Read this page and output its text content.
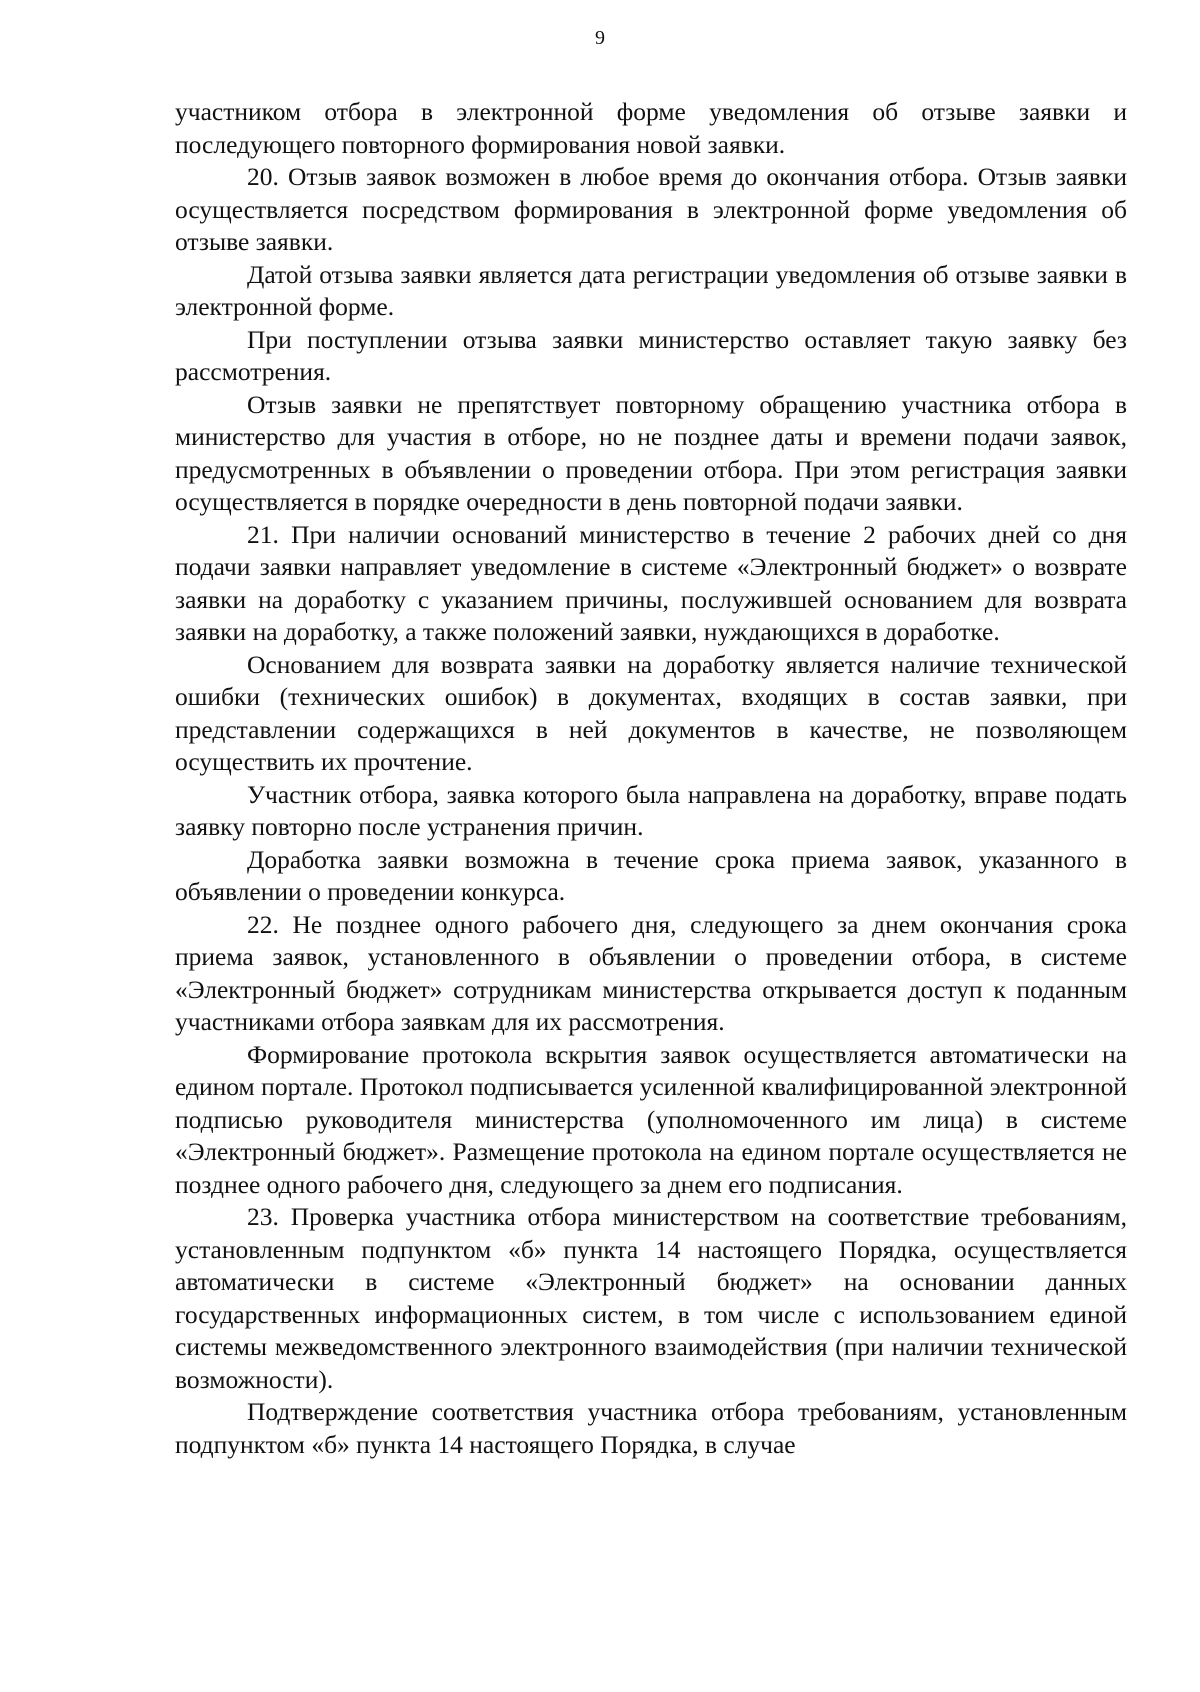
9

участником отбора в электронной форме уведомления об отзыве заявки и последующего повторного формирования новой заявки.

20. Отзыв заявок возможен в любое время до окончания отбора. Отзыв заявки осуществляется посредством формирования в электронной форме уведомления об отзыве заявки.

Датой отзыва заявки является дата регистрации уведомления об отзыве заявки в электронной форме.

При поступлении отзыва заявки министерство оставляет такую заявку без рассмотрения.

Отзыв заявки не препятствует повторному обращению участника отбора в министерство для участия в отборе, но не позднее даты и времени подачи заявок, предусмотренных в объявлении о проведении отбора. При этом регистрация заявки осуществляется в порядке очередности в день повторной подачи заявки.

21. При наличии оснований министерство в течение 2 рабочих дней со дня подачи заявки направляет уведомление в системе «Электронный бюджет» о возврате заявки на доработку с указанием причины, послужившей основанием для возврата заявки на доработку, а также положений заявки, нуждающихся в доработке.

Основанием для возврата заявки на доработку является наличие технической ошибки (технических ошибок) в документах, входящих в состав заявки, при представлении содержащихся в ней документов в качестве, не позволяющем осуществить их прочтение.

Участник отбора, заявка которого была направлена на доработку, вправе подать заявку повторно после устранения причин.

Доработка заявки возможна в течение срока приема заявок, указанного в объявлении о проведении конкурса.

22. Не позднее одного рабочего дня, следующего за днем окончания срока приема заявок, установленного в объявлении о проведении отбора, в системе «Электронный бюджет» сотрудникам министерства открывается доступ к поданным участниками отбора заявкам для их рассмотрения.

Формирование протокола вскрытия заявок осуществляется автоматически на едином портале. Протокол подписывается усиленной квалифицированной электронной подписью руководителя министерства (уполномоченного им лица) в системе «Электронный бюджет». Размещение протокола на едином портале осуществляется не позднее одного рабочего дня, следующего за днем его подписания.

23. Проверка участника отбора министерством на соответствие требованиям, установленным подпунктом «б» пункта 14 настоящего Порядка, осуществляется автоматически в системе «Электронный бюджет» на основании данных государственных информационных систем, в том числе с использованием единой системы межведомственного электронного взаимодействия (при наличии технической возможности).

Подтверждение соответствия участника отбора требованиям, установленным подпунктом «б» пункта 14 настоящего Порядка, в случае
